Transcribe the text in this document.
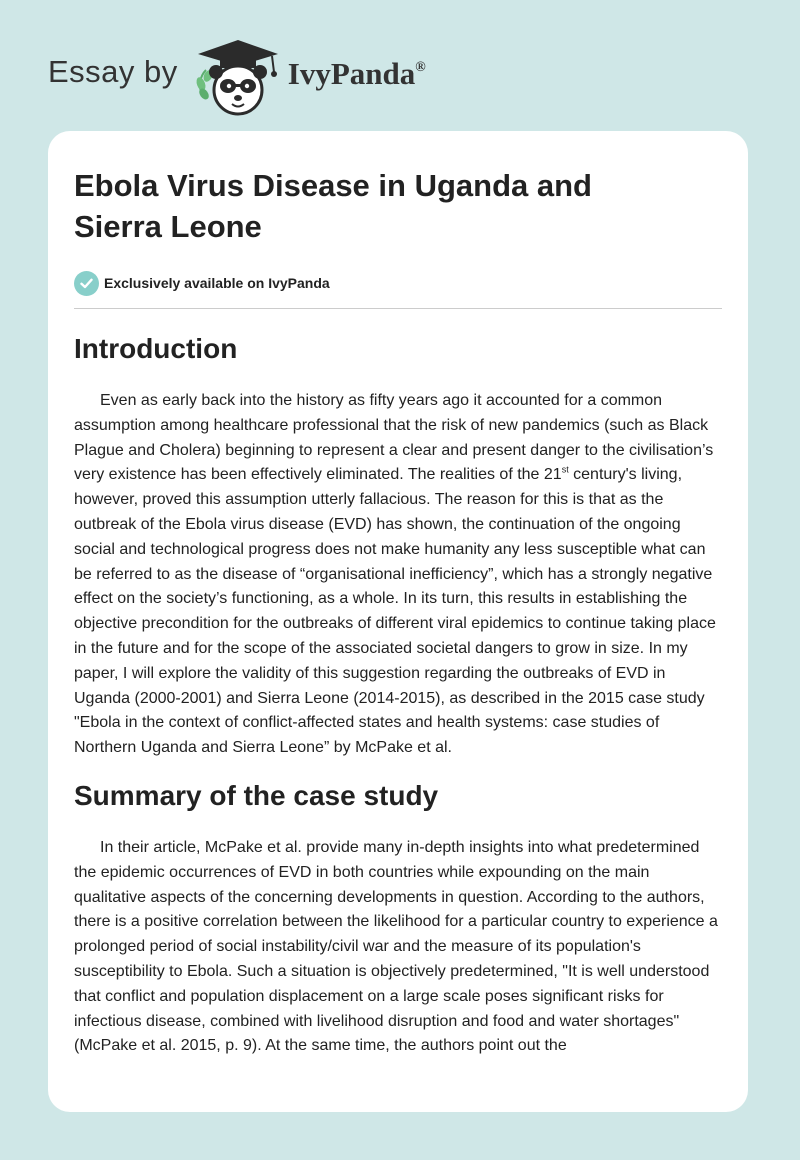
Essay by	IvyPanda®
Ebola Virus Disease in Uganda and
Sierra Leone
Exclusively available on IvyPanda
Introduction

Even as early back into the history as fifty years ago it accounted for a common assumption among healthcare professional that the risk of new pandemics (such as Black Plague and Cholera) beginning to represent a clear and present danger to the civilisation’s very existence has been effectively eliminated. The realities of the 21st century's living, however, proved this assumption utterly fallacious. The reason for this is that as the outbreak of the Ebola virus disease (EVD) has shown, the continuation of the ongoing social and technological progress does not make humanity any less susceptible what can be referred to as the disease of “organisational inefficiency”, which has a strongly negative effect on the society’s functioning, as a whole. In its turn, this results in establishing the objective precondition for the outbreaks of different viral epidemics to continue taking place in the future and for the scope of the associated societal dangers to grow in size. In my paper, I will explore the validity of this suggestion regarding the outbreaks of EVD in Uganda (2000-2001) and Sierra Leone (2014-2015), as described in the 2015 case study "Ebola in the context of conflict-affected states and health systems: case studies of Northern Uganda and Sierra Leone” by McPake et al.

Summary of the case study

In their article, McPake et al. provide many in-depth insights into what predetermined the epidemic occurrences of EVD in both countries while expounding on the main qualitative aspects of the concerning developments in question. According to the authors, there is a positive correlation between the likelihood for a particular country to experience a prolonged period of social instability/civil war and the measure of its population's susceptibility to Ebola. Such a situation is objectively predetermined, "It is well understood that conflict and population displacement on a large scale poses significant risks for infectious disease, combined with livelihood disruption and food and water shortages" (McPake et al. 2015, p. 9). At the same time, the authors point out the
